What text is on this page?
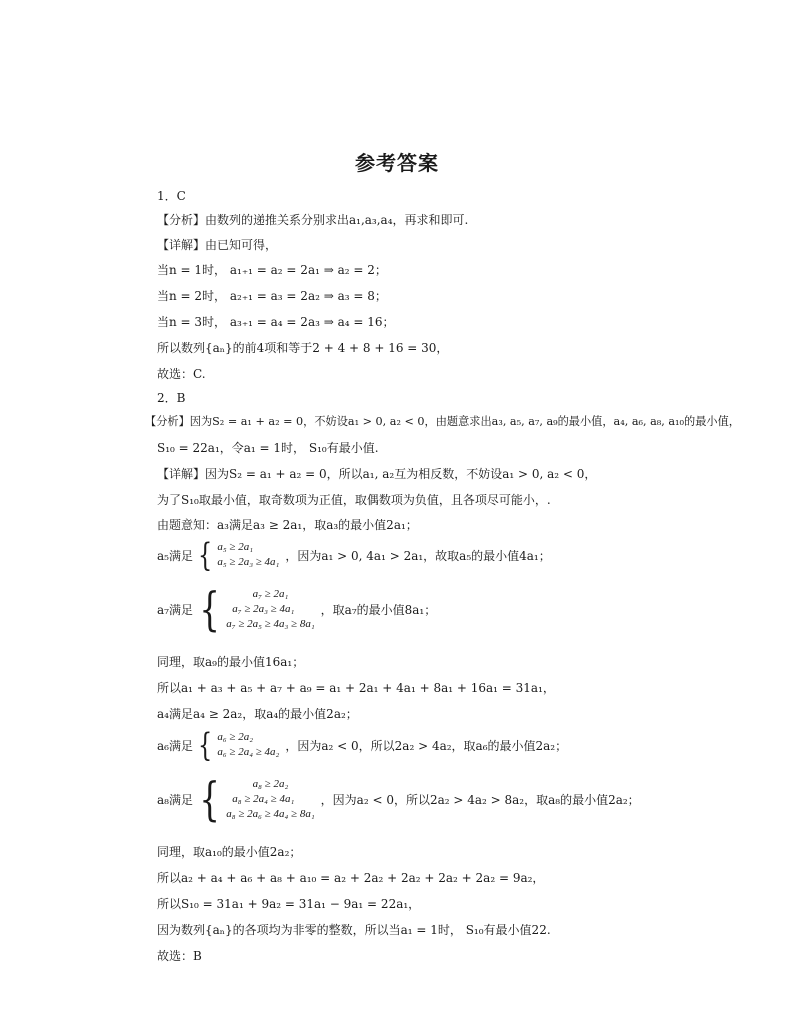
参考答案
1．C
【分析】由数列的递推关系分别求出a₁,a₃,a₄，再求和即可.
【详解】由已知可得，
当n = 1时， a₁₊₁ = a₂ = 2a₁ ⇒ a₂ = 2；
当n = 2时， a₂₊₁ = a₃ = 2a₂ ⇒ a₃ = 8；
当n = 3时， a₃₊₁ = a₄ = 2a₃ ⇒ a₄ = 16；
所以数列{aₙ}的前4项和等于2 + 4 + 8 + 16 = 30，
故选：C.
2．B
【分析】因为S₂ = a₁ + a₂ = 0，不妨设a₁ > 0, a₂ < 0，由题意求出a₃, a₅, a₇, a₉的最小值，a₄, a₆, a₈, a₁₀的最小值，
S₁₀ = 22a₁，令a₁ = 1时， S₁₀有最小值.
【详解】因为S₂ = a₁ + a₂ = 0，所以a₁, a₂互为相反数，不妨设a₁ > 0, a₂ < 0，
为了S₁₀取最小值，取奇数项为正值，取偶数项为负值，且各项尽可能小，.
由题意知：a₃满足a₃ ≥ 2a₁，取a₃的最小值2a₁；
a₅满足 { a₅ ≥ 2a₁
a₅ ≥ 2a₃ ≥ 4a₁ ，因为a₁ > 0, 4a₁ > 2a₁，故取a₅的最小值4a₁；
a₇满足 {	a₇ ≥ 2a₁
a₇ ≥ 2a₃ ≥ 4a₁
a₇ ≥ 2a₅ ≥ 4a₃ ≥ 8a₁
，取a₇的最小值8a₁；
同理，取a₉的最小值16a₁；
所以a₁ + a₃ + a₅ + a₇ + a₉ = a₁ + 2a₁ + 4a₁ + 8a₁ + 16a₁ = 31a₁，
a₄满足a₄ ≥ 2a₂，取a₄的最小值2a₂；
a₆满足 { a₆ ≥ 2a₂
a₆ ≥ 2a₄ ≥ 4a₂ ，因为a₂ < 0，所以2a₂ > 4a₂，取a₆的最小值2a₂；
a₈满足 {	a₈ ≥ 2a₂
a₈ ≥ 2a₄ ≥ 4a₁
a₈ ≥ 2a₆ ≥ 4a₄ ≥ 8a₁
，因为a₂ < 0，所以2a₂ > 4a₂ > 8a₂，取a₈的最小值2a₂；
同理，取a₁₀的最小值2a₂；
所以a₂ + a₄ + a₆ + a₈ + a₁₀ = a₂ + 2a₂ + 2a₂ + 2a₂ + 2a₂ = 9a₂，
所以S₁₀ = 31a₁ + 9a₂ = 31a₁ − 9a₁ = 22a₁，
因为数列{aₙ}的各项均为非零的整数，所以当a₁ = 1时， S₁₀有最小值22.
故选：B
